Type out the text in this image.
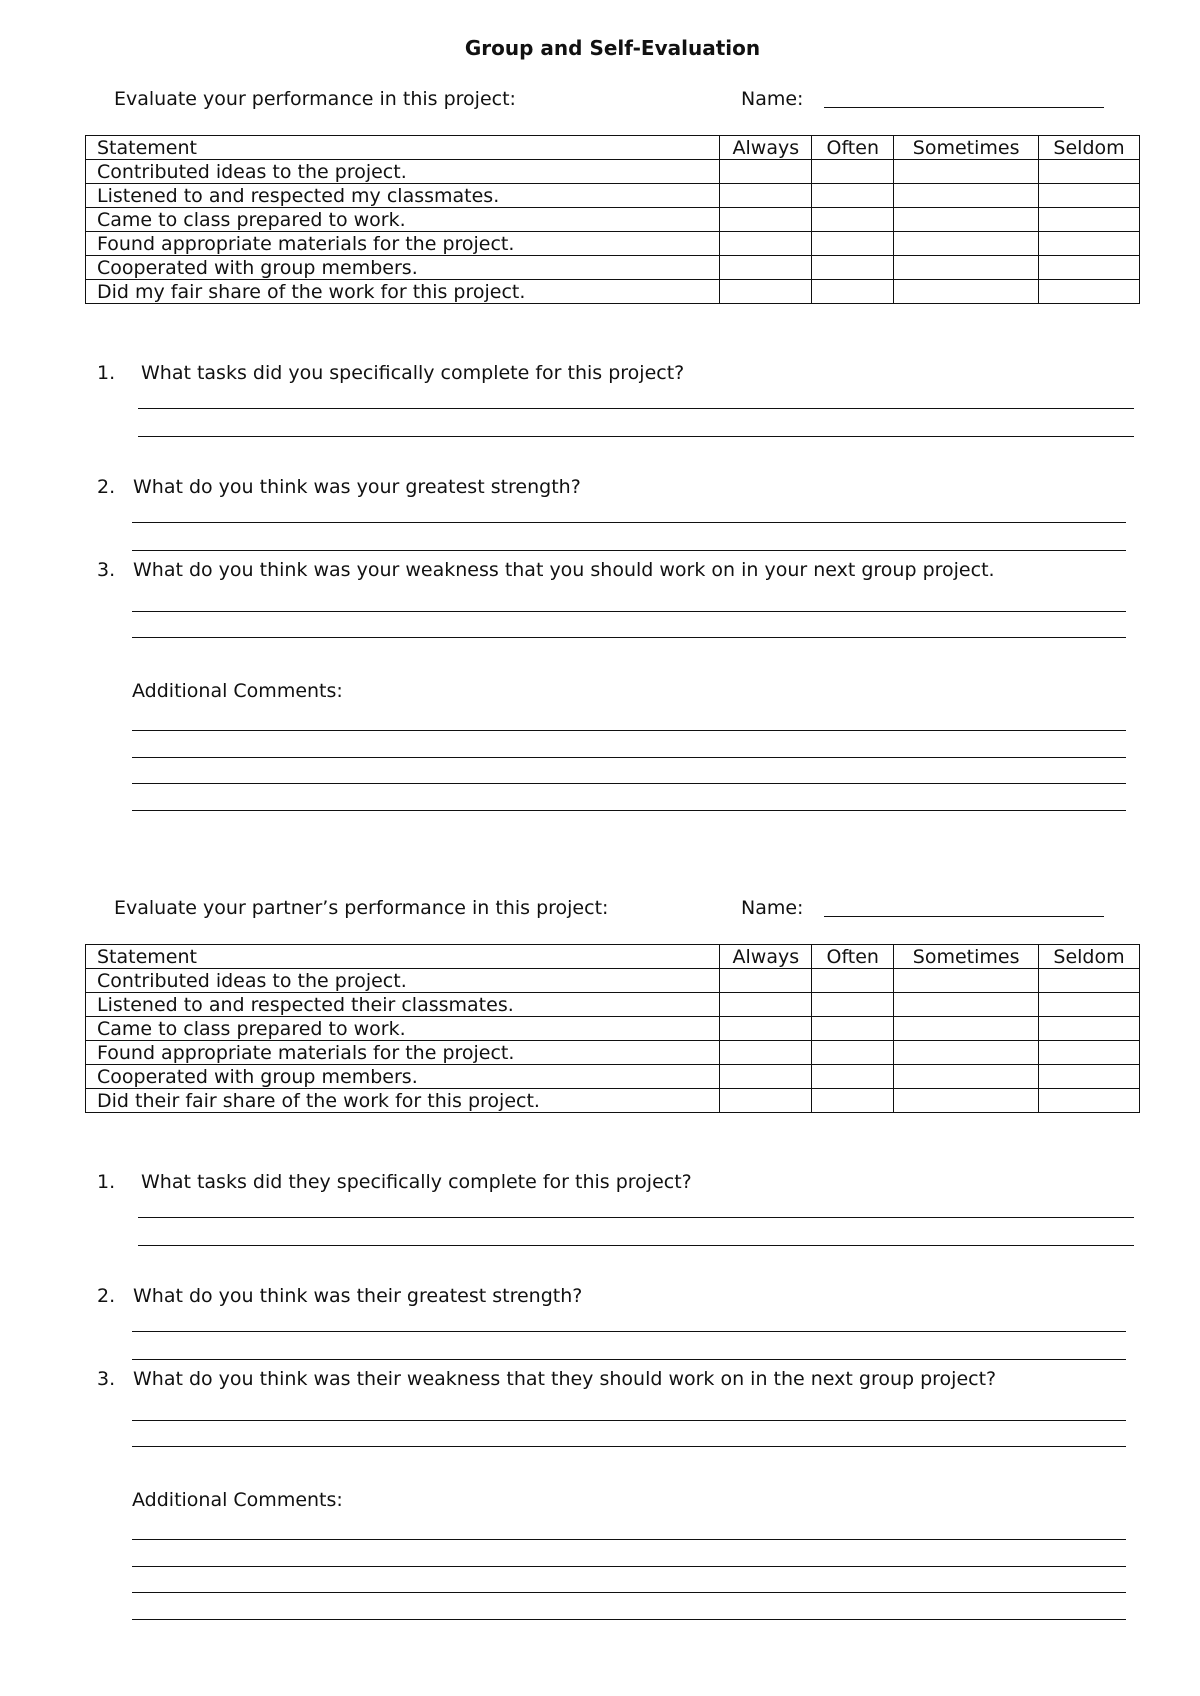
Group and Self-Evaluation
Evaluate your performance in this project:	Name:
Statement	Always	Often	Sometimes	Seldom
Contributed ideas to the project.				
Listened to and respected my classmates.				
Came to class prepared to work.				
Found appropriate materials for the project.				
Cooperated with group members.				
Did my fair share of the work for this project.				
1. What tasks did you specifically complete for this project?
2. What do you think was your greatest strength?
3. What do you think was your weakness that you should work on in your next group project.
Additional Comments:
Evaluate your partner’s performance in this project:	Name:
Statement	Always	Often	Sometimes	Seldom
Contributed ideas to the project.				
Listened to and respected their classmates.				
Came to class prepared to work.				
Found appropriate materials for the project.				
Cooperated with group members.				
Did their fair share of the work for this project.				
1. What tasks did they specifically complete for this project?
2. What do you think was their greatest strength?
3. What do you think was their weakness that they should work on in the next group project?
Additional Comments:
